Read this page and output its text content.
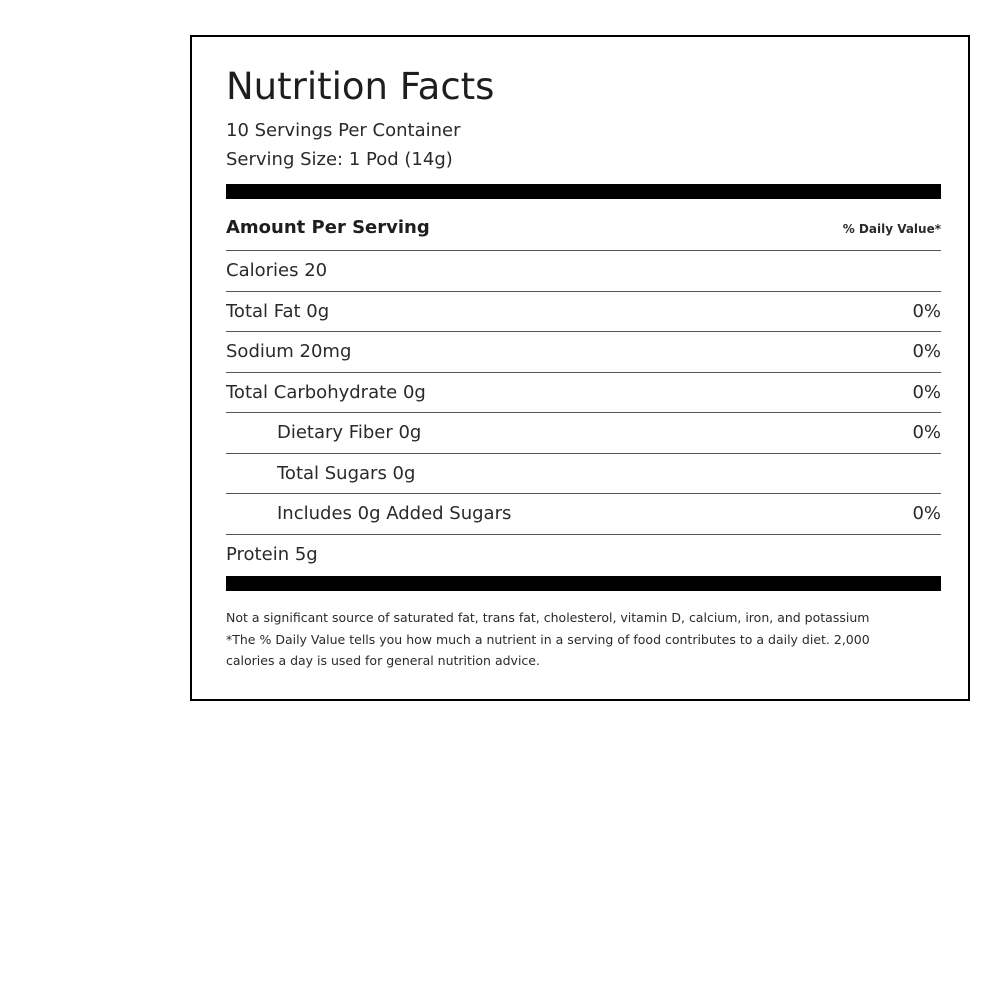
Nutrition Facts
10 Servings Per Container
Serving Size: 1 Pod (14g)
Amount Per Serving	% Daily Value*
Calories 20
Total Fat 0g	0%
Sodium 20mg	0%
Total Carbohydrate 0g	0%
Dietary Fiber 0g	0%
Total Sugars 0g
Includes 0g Added Sugars	0%
Protein 5g
Not a significant source of saturated fat, trans fat, cholesterol, vitamin D, calcium, iron, and potassium
*The % Daily Value tells you how much a nutrient in a serving of food contributes to a daily diet. 2,000
calories a day is used for general nutrition advice.
